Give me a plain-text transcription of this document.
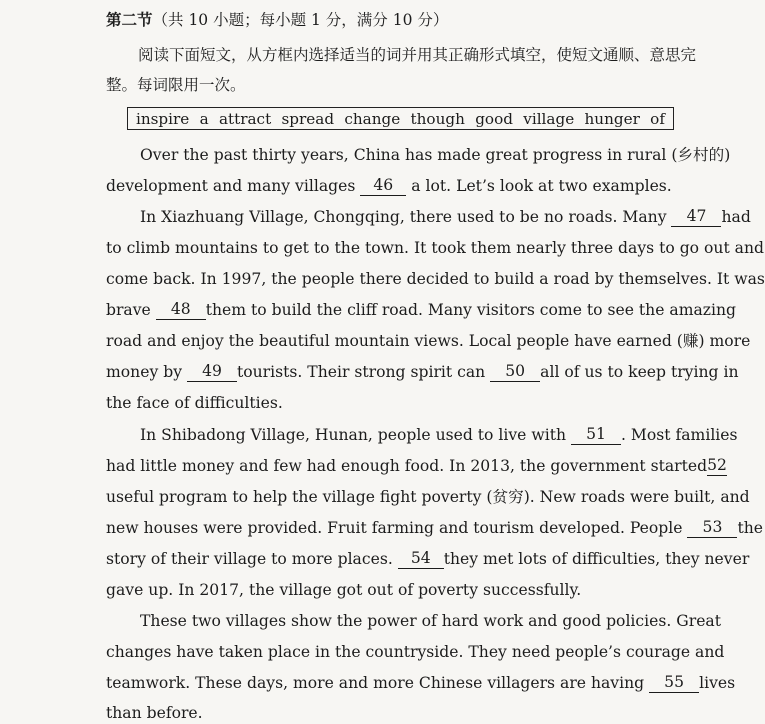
第二节（共 10 小题；每小题 1 分，满分 10 分）
阅读下面短文，从方框内选择适当的词并用其正确形式填空，使短文通顺、意思完
整。每词限用一次。
inspire a attract spread change though good village hunger of
Over the past thirty years, China has made great progress in rural (乡村的)
development and many villages
	46
	a lot. Let’s look at two examples.
In Xiazhuang Village, Chongqing, there used to be no roads. Many
	47 had
to climb mountains to get to the town. It took them nearly three days to go out and
come back. In 1997, the people there decided to build a road by themselves. It was
brave
	48 them to build the cliff road. Many visitors come to see the amazing
road and enjoy the beautiful mountain views. Local people have earned (赚) more
money by
	49 tourists. Their strong spirit can
	50 all of us to keep trying in
the face of difficulties.
In Shibadong Village, Hunan, people used to live with
	51 . Most families
had little money and few had enough food. In 2013, the government started 52
useful program to help the village fight poverty (贫穷). New roads were built, and
new houses were provided. Fruit farming and tourism developed. People
	53 the
story of their village to more places.
	54 they met lots of difficulties, they never
gave up. In 2017, the village got out of poverty successfully.
These two villages show the power of hard work and good policies. Great
changes have taken place in the countryside. They need people’s courage and
teamwork. These days, more and more Chinese villagers are having
	55 lives
than before.
